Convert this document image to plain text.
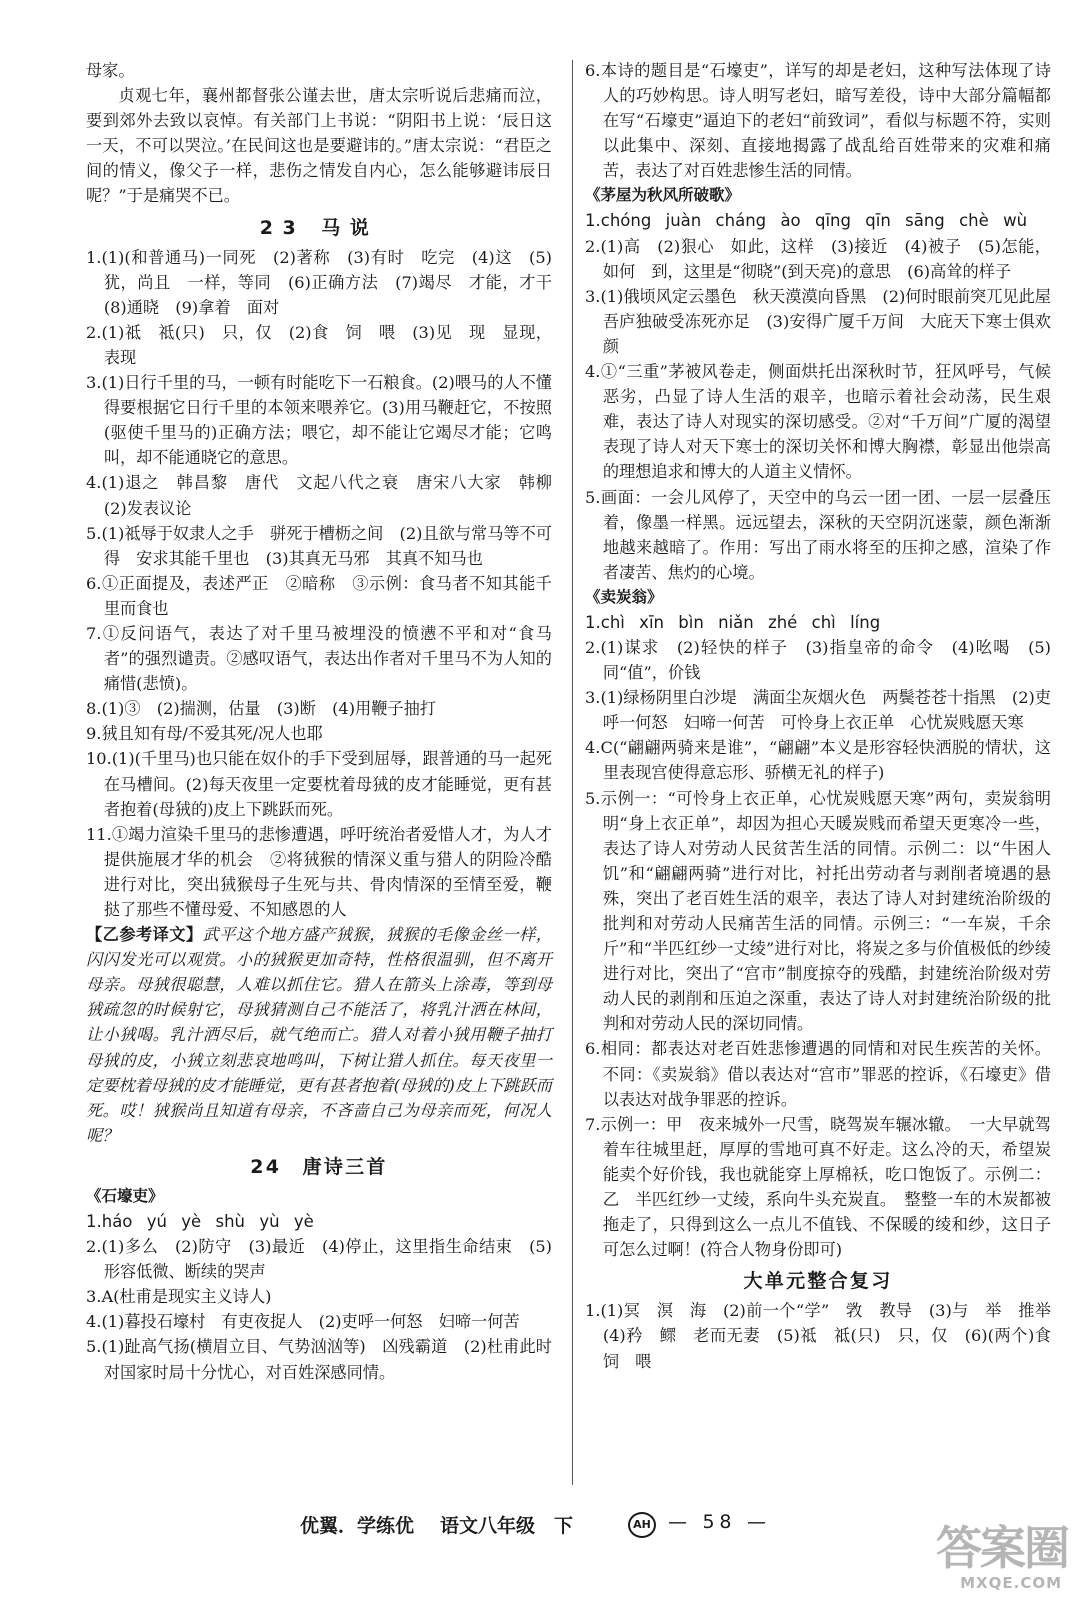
母家。

贞观七年，襄州都督张公谨去世，唐太宗听说后悲痛而泣，要到郊外去致以哀悼。有关部门上书说：“阴阳书上说：‘辰日这一天，不可以哭泣。’在民间这也是要避讳的。”唐太宗说：“君臣之间的情义，像父子一样，悲伤之情发自内心，怎么能够避讳辰日呢？”于是痛哭不已。

23 马说

1.(1)(和普通马)一同死　(2)著称　(3)有时　吃完　(4)这　(5)犹，尚且　一样，等同　(6)正确方法　(7)竭尽　才能，才干　(8)通晓　(9)拿着　面对

2.(1)祗　祗(只)　只，仅　(2)食　饲　喂　(3)见　现　显现，表现

3.(1)日行千里的马，一顿有时能吃下一石粮食。(2)喂马的人不懂得要根据它日行千里的本领来喂养它。(3)用马鞭赶它，不按照(驱使千里马的)正确方法；喂它，却不能让它竭尽才能；它鸣叫，却不能通晓它的意思。

4.(1)退之　韩昌黎　唐代　文起八代之衰　唐宋八大家　韩柳　(2)发表议论

5.(1)祗辱于奴隶人之手　骈死于槽枥之间　(2)且欲与常马等不可得　安求其能千里也　(3)其真无马邪　其真不知马也

6.①正面提及，表述严正　②暗称　③示例：食马者不知其能千里而食也

7.①反问语气，表达了对千里马被埋没的愤懑不平和对“食马者”的强烈谴责。②感叹语气，表达出作者对千里马不为人知的痛惜(悲愤)。

8.(1)③　(2)揣测，估量　(3)断　(4)用鞭子抽打

9.狨且知有母/不爱其死/况人也耶

10.(1)(千里马)也只能在奴仆的手下受到屈辱，跟普通的马一起死在马槽间。(2)每天夜里一定要枕着母狨的皮才能睡觉，更有甚者抱着(母狨的)皮上下跳跃而死。

11.①竭力渲染千里马的悲惨遭遇，呼吁统治者爱惜人才，为人才提供施展才华的机会　②将狨猴的情深义重与猎人的阴险冷酷进行对比，突出狨猴母子生死与共、骨肉情深的至情至爱，鞭挞了那些不懂母爱、不知感恩的人

【乙参考译文】武平这个地方盛产狨猴，狨猴的毛像金丝一样，闪闪发光可以观赏。小的狨猴更加奇特，性格很温驯，但不离开母亲。母狨很聪慧，人难以抓住它。猎人在箭头上涂毒，等到母狨疏忽的时候射它，母狨猜测自己不能活了，将乳汁洒在林间，让小狨喝。乳汁洒尽后，就气绝而亡。猎人对着小狨用鞭子抽打母狨的皮，小狨立刻悲哀地鸣叫，下树让猎人抓住。每天夜里一定要枕着母狨的皮才能睡觉，更有甚者抱着(母狨的)皮上下跳跃而死。哎！狨猴尚且知道有母亲，不吝啬自己为母亲而死，何况人呢？

24　唐诗三首
《石壕吏》

1.háo yú yè shù yù yè

2.(1)多么　(2)防守　(3)最近　(4)停止，这里指生命结束　(5)形容低微、断续的哭声

3.A(杜甫是现实主义诗人)

4.(1)暮投石壕村　有吏夜捉人　(2)吏呼一何怒　妇啼一何苦

5.(1)趾高气扬(横眉立目、气势汹汹等)　凶残霸道　(2)杜甫此时对国家时局十分忧心，对百姓深感同情。

6.本诗的题目是“石壕吏”，详写的却是老妇，这种写法体现了诗人的巧妙构思。诗人明写老妇，暗写差役，诗中大部分篇幅都在写“石壕吏”逼迫下的老妇“前致词”，看似与标题不符，实则以此集中、深刻、直接地揭露了战乱给百姓带来的灾难和痛苦，表达了对百姓悲惨生活的同情。

《茅屋为秋风所破歌》

1.chóng juàn cháng ào qīng qīn sāng chè wù

2.(1)高　(2)狠心　如此，这样　(3)接近　(4)被子　(5)怎能，如何　到，这里是“彻晓”(到天亮)的意思　(6)高耸的样子

3.(1)俄顷风定云墨色　秋天漠漠向昏黑　(2)何时眼前突兀见此屋　吾庐独破受冻死亦足　(3)安得广厦千万间　大庇天下寒士俱欢颜

4.①“三重”茅被风卷走，侧面烘托出深秋时节，狂风呼号，气候恶劣，凸显了诗人生活的艰辛，也暗示着社会动荡，民生艰难，表达了诗人对现实的深切感受。②对“千万间”广厦的渴望表现了诗人对天下寒士的深切关怀和博大胸襟，彰显出他崇高的理想追求和博大的人道主义情怀。

5.画面：一会儿风停了，天空中的乌云一团一团、一层一层叠压着，像墨一样黑。远远望去，深秋的天空阴沉迷蒙，颜色渐渐地越来越暗了。作用：写出了雨水将至的压抑之感，渲染了作者凄苦、焦灼的心境。

《卖炭翁》

1.chì xīn bìn niǎn zhé chì líng

2.(1)谋求　(2)轻快的样子　(3)指皇帝的命令　(4)吆喝　(5)同“值”，价钱

3.(1)绿杨阴里白沙堤　满面尘灰烟火色　两鬓苍苍十指黑　(2)吏呼一何怒　妇啼一何苦　可怜身上衣正单　心忧炭贱愿天寒

4.C(“翩翩两骑来是谁”，“翩翩”本义是形容轻快洒脱的情状，这里表现宫使得意忘形、骄横无礼的样子)

5.示例一：“可怜身上衣正单，心忧炭贱愿天寒”两句，卖炭翁明明“身上衣正单”，却因为担心天暖炭贱而希望天更寒冷一些，表达了诗人对劳动人民贫苦生活的同情。示例二：以“牛困人饥”和“翩翩两骑”进行对比，衬托出劳动者与剥削者境遇的悬殊，突出了老百姓生活的艰辛，表达了诗人对封建统治阶级的批判和对劳动人民痛苦生活的同情。示例三：“一车炭，千余斤”和“半匹红纱一丈绫”进行对比，将炭之多与价值极低的纱绫进行对比，突出了“宫市”制度掠夺的残酷，封建统治阶级对劳动人民的剥削和压迫之深重，表达了诗人对封建统治阶级的批判和对劳动人民的深切同情。

6.相同：都表达对老百姓悲惨遭遇的同情和对民生疾苦的关怀。不同：《卖炭翁》借以表达对“宫市”罪恶的控诉，《石壕吏》借以表达对战争罪恶的控诉。

7.示例一：甲　夜来城外一尺雪，晓驾炭车辗冰辙。　一大早就驾着车往城里赶，厚厚的雪地可真不好走。这么冷的天，希望炭能卖个好价钱，我也就能穿上厚棉袄，吃口饱饭了。示例二：乙　半匹红纱一丈绫，系向牛头充炭直。　整整一车的木炭都被拖走了，只得到这么一点儿不值钱、不保暖的绫和纱，这日子可怎么过啊！(符合人物身份即可)

大单元整合复习

1.(1)冥　溟　海　(2)前一个“学”　敩　教导　(3)与　举　推举　(4)矜　鳏　老而无妻　(5)祗　祗(只)　只，仅　(6)(两个)食　饲　喂

优翼．学练优 语文八年级　下	AH — 58 —	答案圈
MXQE.COM
